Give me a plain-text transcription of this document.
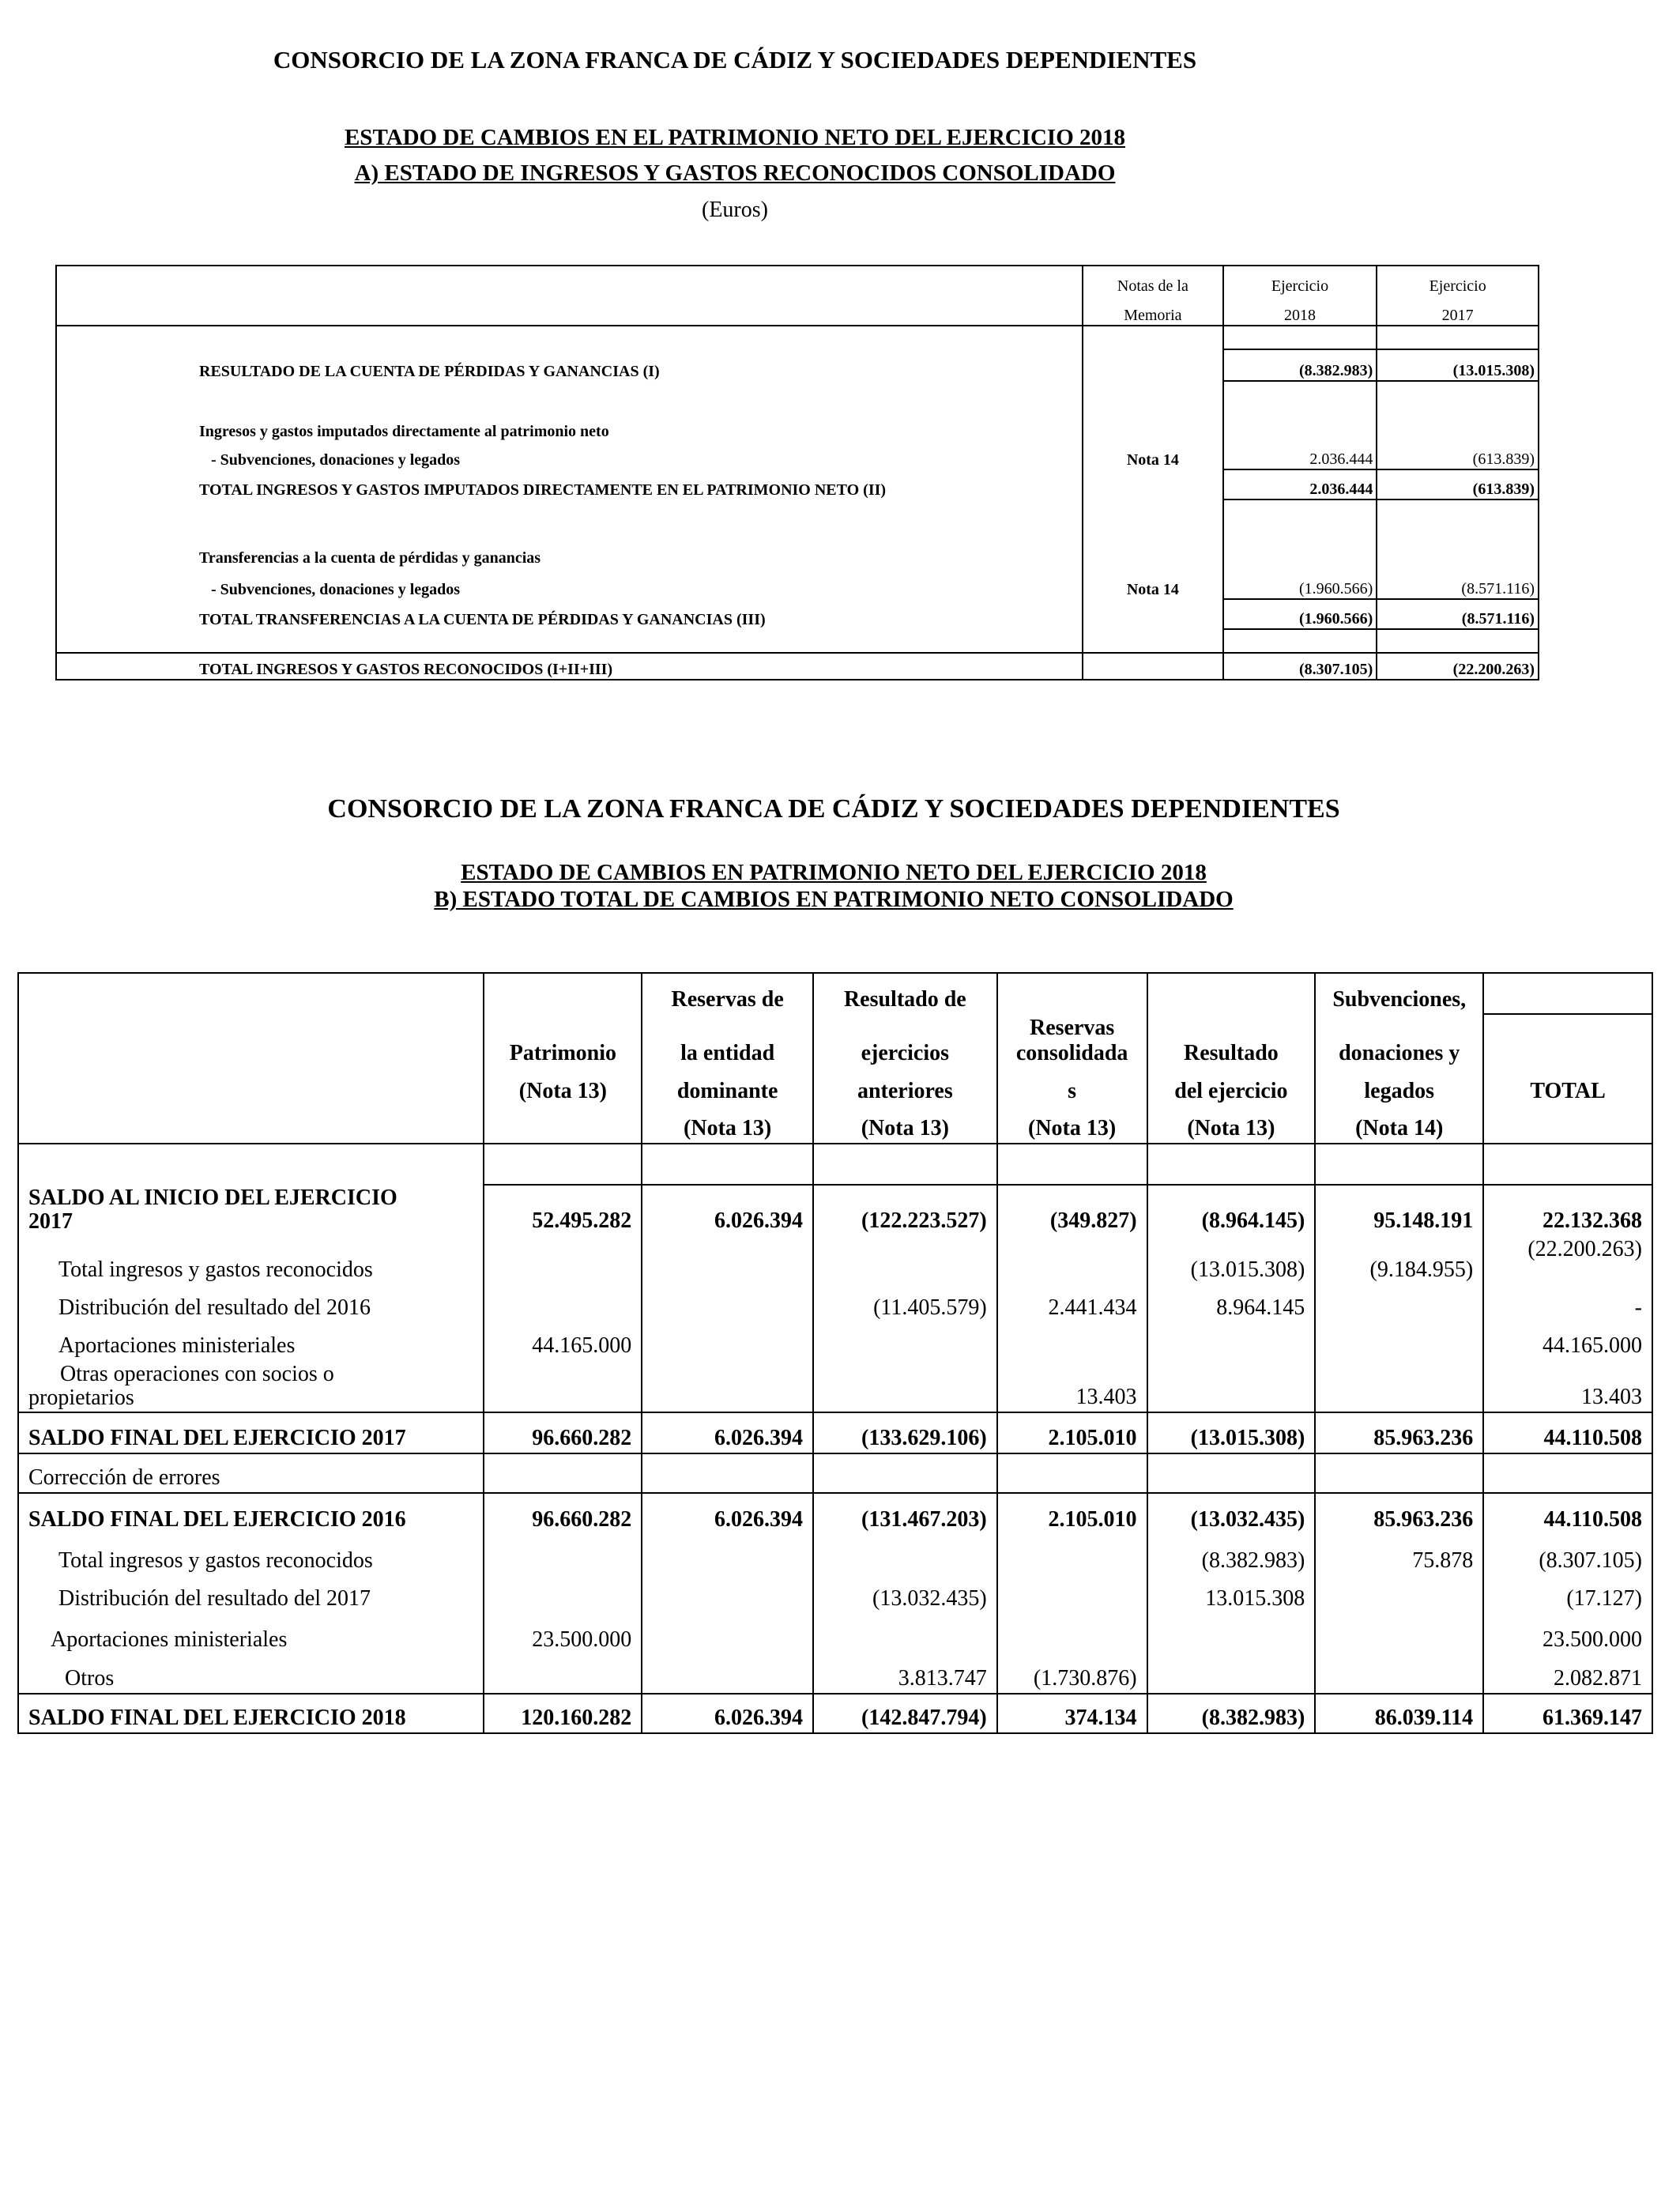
CONSORCIO DE LA ZONA FRANCA DE CÁDIZ Y SOCIEDADES DEPENDIENTES
ESTADO DE CAMBIOS EN EL PATRIMONIO NETO DEL EJERCICIO 2018
A) ESTADO DE INGRESOS Y GASTOS RECONOCIDOS CONSOLIDADO
(Euros)
	Notas de la	Ejercicio	Ejercicio
	Memoria	2018	2017

RESULTADO DE LA CUENTA DE PÉRDIDAS Y GANANCIAS (I)		(8.382.983)	(13.015.308)

Ingresos y gastos imputados directamente al patrimonio neto			
- Subvenciones, donaciones y legados	Nota 14	2.036.444	(613.839)
TOTAL INGRESOS Y GASTOS IMPUTADOS DIRECTAMENTE EN EL PATRIMONIO NETO (II)		2.036.444	(613.839)

Transferencias a la cuenta de pérdidas y ganancias			
- Subvenciones, donaciones y legados	Nota 14	(1.960.566)	(8.571.116)
TOTAL TRANSFERENCIAS A LA CUENTA DE PÉRDIDAS Y GANANCIAS (III)		(1.960.566)	(8.571.116)

TOTAL INGRESOS Y GASTOS RECONOCIDOS (I+II+III)		(8.307.105)	(22.200.263)
CONSORCIO DE LA ZONA FRANCA DE CÁDIZ Y SOCIEDADES DEPENDIENTES
ESTADO DE CAMBIOS EN PATRIMONIO NETO DEL EJERCICIO 2018
B) ESTADO TOTAL DE CAMBIOS EN PATRIMONIO NETO CONSOLIDADO
		Reservas de	Resultado de			Subvenciones,	
	Patrimonio	la entidad	ejercicios	Reservas consolidada	Resultado	donaciones y	
	(Nota 13)	dominante	anteriores	s	del ejercicio	legados	TOTAL
		(Nota 13)	(Nota 13)	(Nota 13)	(Nota 13)	(Nota 14)	

SALDO AL INICIO DEL EJERCICIO
2017	52.495.282	6.026.394	(122.223.527)	(349.827)	(8.964.145)	95.148.191	22.132.368
Total ingresos y gastos reconocidos					(13.015.308)	(9.184.955)	(22.200.263)
Distribución del resultado del 2016			(11.405.579)	2.441.434	8.964.145		-
Aportaciones ministeriales	44.165.000						44.165.000

Otras operaciones con socios o
propietarios				13.403			13.403
SALDO FINAL DEL EJERCICIO 2017	96.660.282	6.026.394	(133.629.106)	2.105.010	(13.015.308)	85.963.236	44.110.508
Corrección de errores							
SALDO FINAL DEL EJERCICIO 2016	96.660.282	6.026.394	(131.467.203)	2.105.010	(13.032.435)	85.963.236	44.110.508
Total ingresos y gastos reconocidos					(8.382.983)	75.878	(8.307.105)
Distribución del resultado del 2017			(13.032.435)		13.015.308		(17.127)
Aportaciones ministeriales	23.500.000						23.500.000
Otros			3.813.747	(1.730.876)			2.082.871
SALDO FINAL DEL EJERCICIO 2018	120.160.282	6.026.394	(142.847.794)	374.134	(8.382.983)	86.039.114	61.369.147
